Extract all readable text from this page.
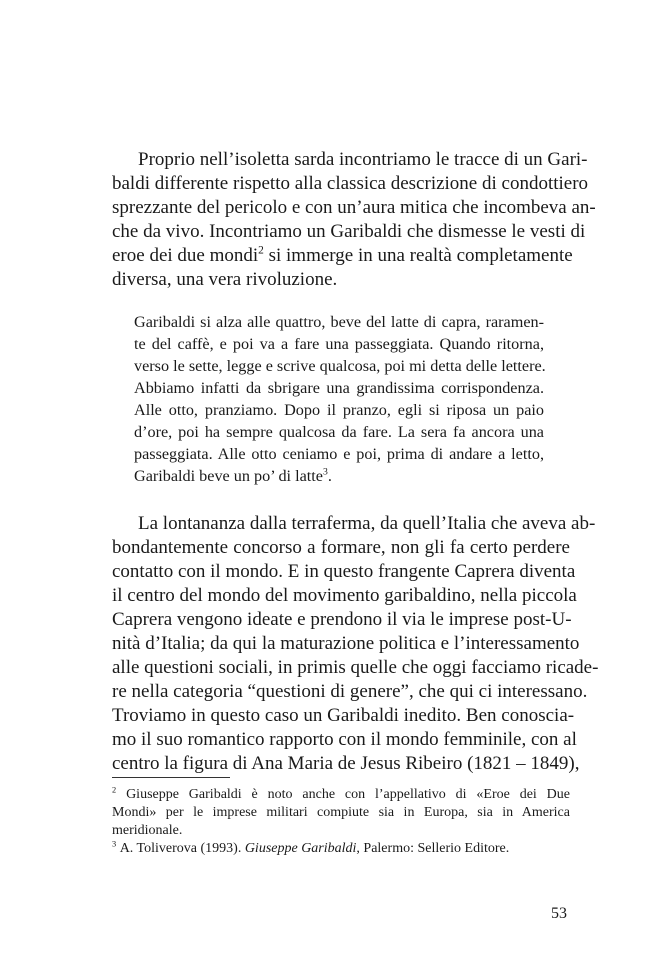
Proprio nell’isoletta sarda incontriamo le tracce di un Gari-
baldi differente rispetto alla classica descrizione di condottiero
sprezzante del pericolo e con un’aura mitica che incombeva an-
che da vivo. Incontriamo un Garibaldi che dismesse le vesti di
eroe dei due mondi$^2$ si immerge in una realtà completamente
diversa, una vera rivoluzione.
Garibaldi si alza alle quattro, beve del latte di capra, raramen-
te del caffè, e poi va a fare una passeggiata. Quando ritorna,
verso le sette, legge e scrive qualcosa, poi mi detta delle lettere.
Abbiamo infatti da sbrigare una grandissima corrispondenza.
Alle otto, pranziamo. Dopo il pranzo, egli si riposa un paio
d’ore, poi ha sempre qualcosa da fare. La sera fa ancora una
passeggiata. Alle otto ceniamo e poi, prima di andare a letto,
Garibaldi beve un po’ di latte$^3$.
La lontananza dalla terraferma, da quell’Italia che aveva ab-
bondantemente concorso a formare, non gli fa certo perdere
contatto con il mondo. E in questo frangente Caprera diventa
il centro del mondo del movimento garibaldino, nella piccola
Caprera vengono ideate e prendono il via le imprese post-U-
nità d’Italia; da qui la maturazione politica e l’interessamento
alle questioni sociali, in primis quelle che oggi facciamo ricade-
re nella categoria “questioni di genere”, che qui ci interessano.
Troviamo in questo caso un Garibaldi inedito. Ben conoscia-
mo il suo romantico rapporto con il mondo femminile, con al
centro la figura di Ana Maria de Jesus Ribeiro (1821 – 1849),
$^2$ Giuseppe Garibaldi è noto anche con l’appellativo di «Eroe dei Due
Mondi» per le imprese militari compiute sia in Europa, sia in America
meridionale.
$^3$ A. Toliverova (1993). Giuseppe Garibaldi, Palermo: Sellerio Editore.
53
